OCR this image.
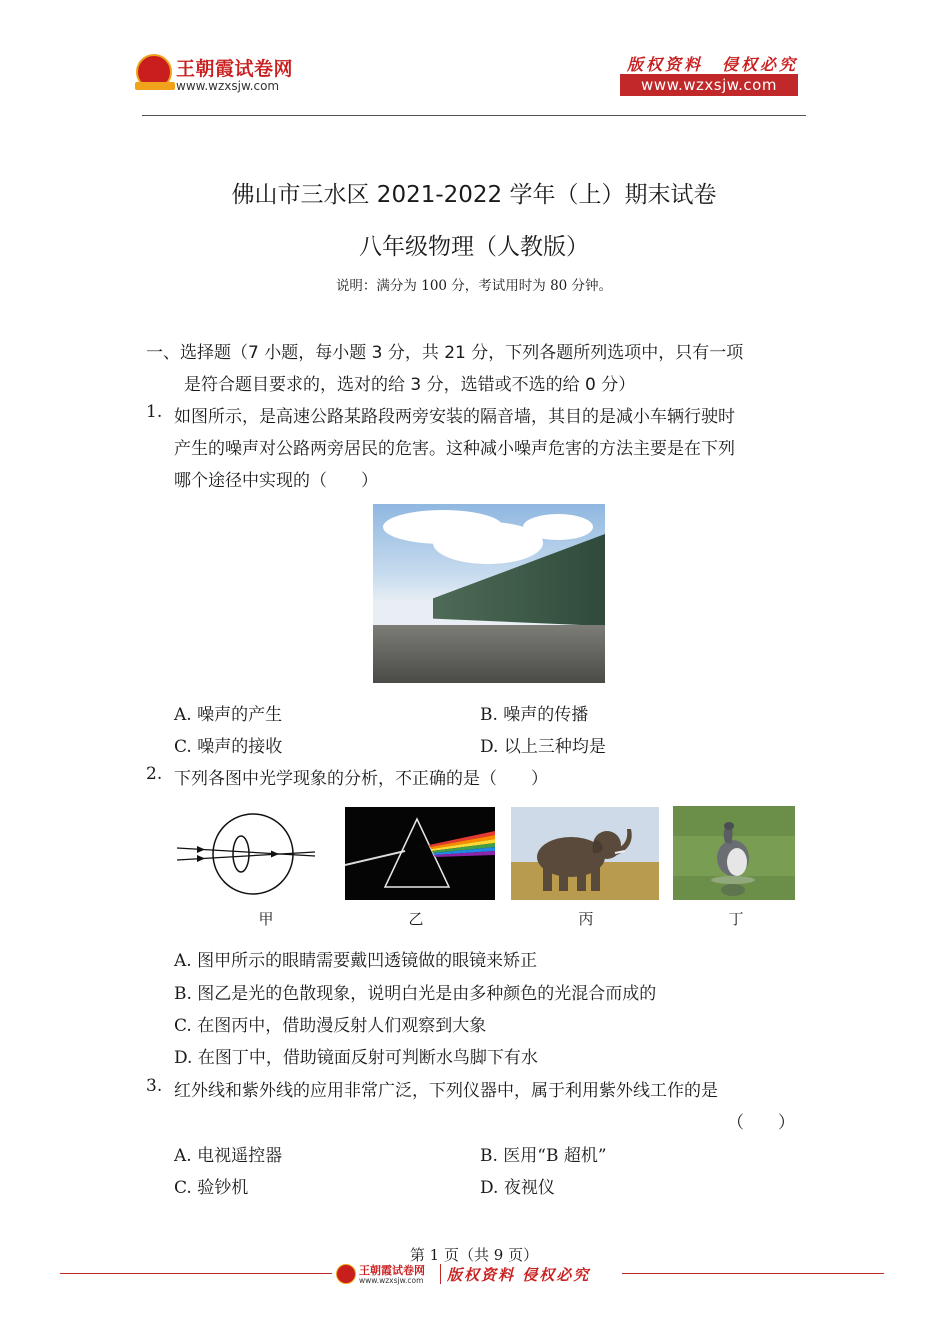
王朝霞试卷网
www.wzxsjw.com
版权资料　侵权必究
www.wzxsjw.com
佛山市三水区 2021-2022 学年（上）期末试卷
八年级物理（人教版）
说明：满分为 100 分，考试用时为 80 分钟。
一、选择题（7 小题，每小题 3 分，共 21 分，下列各题所列选项中，只有一项
是符合题目要求的，选对的给 3 分，选错或不选的给 0 分）
1. 如图所示，是高速公路某路段两旁安装的隔音墙，其目的是减小车辆行驶时
产生的噪声对公路两旁居民的危害。这种减小噪声危害的方法主要是在下列
哪个途径中实现的（　　）
A. 噪声的产生	B. 噪声的传播
C. 噪声的接收	D. 以上三种均是
2. 下列各图中光学现象的分析，不正确的是（　　）
甲	乙	丙	丁
A. 图甲所示的眼睛需要戴凹透镜做的眼镜来矫正
B. 图乙是光的色散现象，说明白光是由多种颜色的光混合而成的
C. 在图丙中，借助漫反射人们观察到大象
D. 在图丁中，借助镜面反射可判断水鸟脚下有水
3. 红外线和紫外线的应用非常广泛，下列仪器中，属于利用紫外线工作的是
（　　）
A. 电视遥控器	B. 医用“B 超机”
C. 验钞机	D. 夜视仪
第 1 页（共 9 页）
王朝霞试卷网
www.wzxsjw.com 版权资料 侵权必究
